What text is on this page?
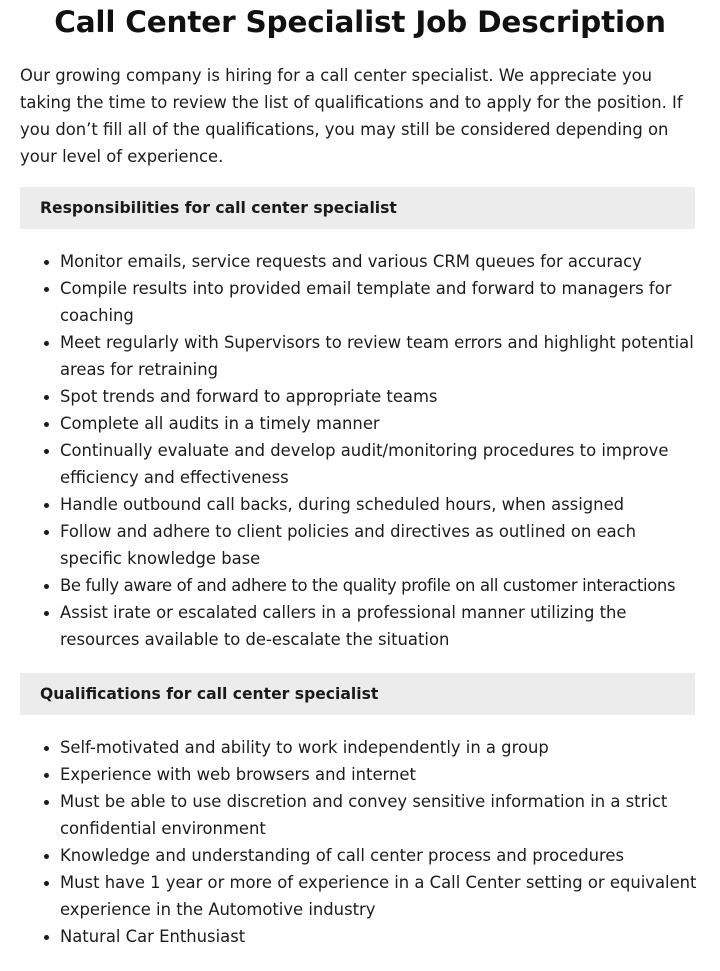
Call Center Specialist Job Description

Our growing company is hiring for a call center specialist. We appreciate you taking the time to review the list of qualifications and to apply for the position. If you don’t fill all of the qualifications, you may still be considered depending on your level of experience.

Responsibilities for call center specialist
Monitor emails, service requests and various CRM queues for accuracy
Compile results into provided email template and forward to managers for coaching
Meet regularly with Supervisors to review team errors and highlight potential areas for retraining
Spot trends and forward to appropriate teams
Complete all audits in a timely manner
Continually evaluate and develop audit/monitoring procedures to improve efficiency and effectiveness
Handle outbound call backs, during scheduled hours, when assigned
Follow and adhere to client policies and directives as outlined on each specific knowledge base
Be fully aware of and adhere to the quality profile on all customer interactions
Assist irate or escalated callers in a professional manner utilizing the resources available to de-escalate the situation
Qualifications for call center specialist
Self-motivated and ability to work independently in a group
Experience with web browsers and internet
Must be able to use discretion and convey sensitive information in a strict confidential environment
Knowledge and understanding of call center process and procedures
Must have 1 year or more of experience in a Call Center setting or equivalent experience in the Automotive industry
Natural Car Enthusiast
